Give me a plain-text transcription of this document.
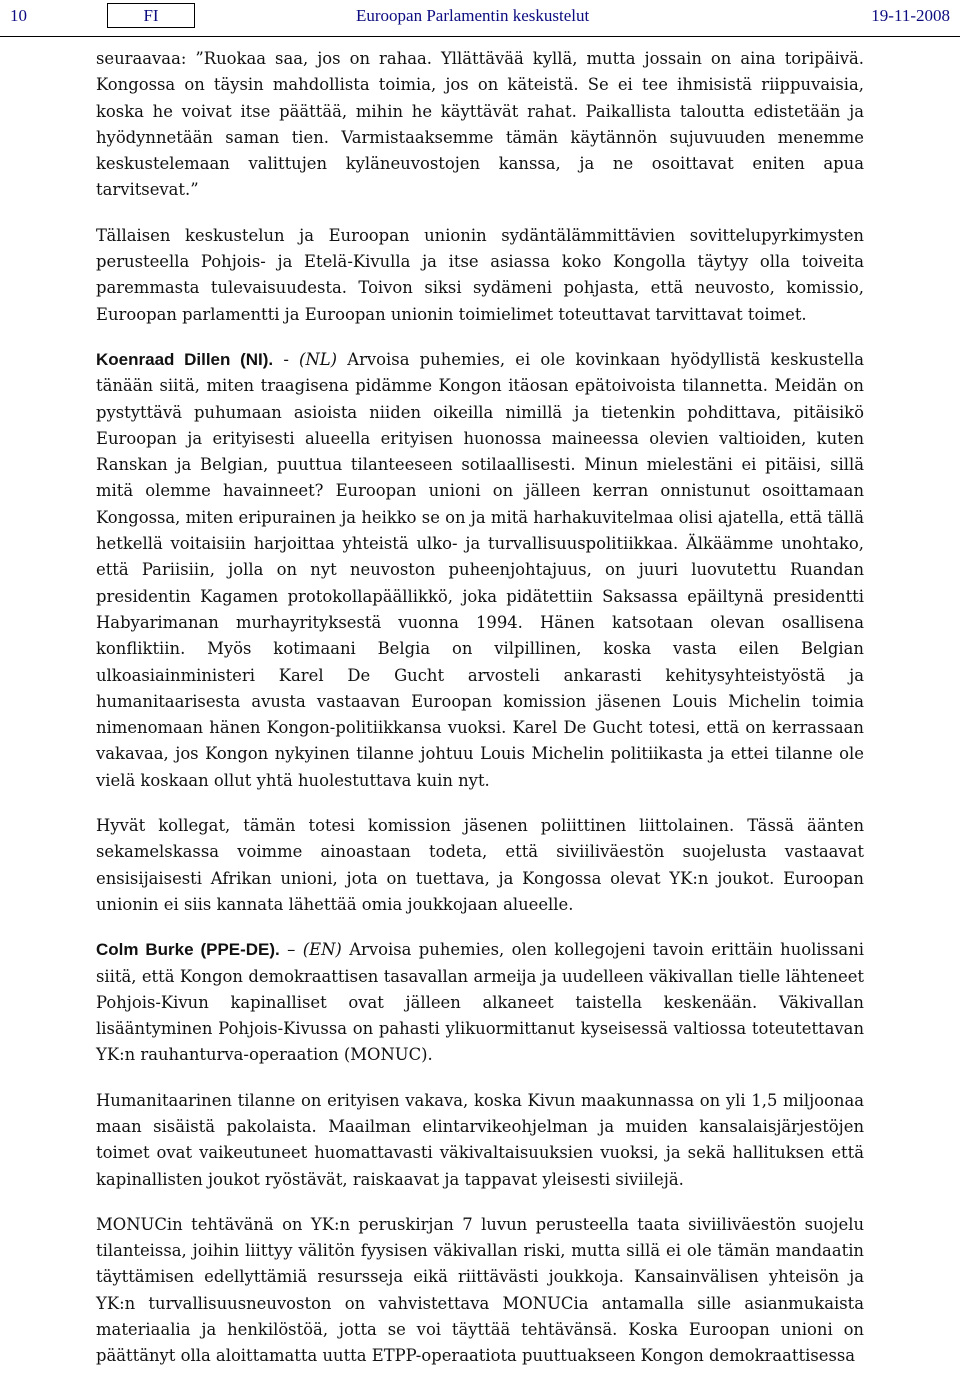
10	FI	Euroopan Parlamentin keskustelut	19-11-2008

seuraavaa: ”Ruokaa saa, jos on rahaa. Yllättävää kyllä, mutta jossain on aina toripäivä. Kongossa on täysin mahdollista toimia, jos on käteistä. Se ei tee ihmisistä riippuvaisia, koska he voivat itse päättää, mihin he käyttävät rahat. Paikallista taloutta edistetään ja hyödynnetään saman tien. Varmistaaksemme tämän käytännön sujuvuuden menemme keskustelemaan valittujen kyläneuvostojen kanssa, ja ne osoittavat eniten apua tarvitsevat.”

Tällaisen keskustelun ja Euroopan unionin sydäntälämmittävien sovittelupyrkimysten perusteella Pohjois- ja Etelä-Kivulla ja itse asiassa koko Kongolla täytyy olla toiveita paremmasta tulevaisuudesta. Toivon siksi sydämeni pohjasta, että neuvosto, komissio, Euroopan parlamentti ja Euroopan unionin toimielimet toteuttavat tarvittavat toimet.

Koenraad Dillen (NI). - (NL) Arvoisa puhemies, ei ole kovinkaan hyödyllistä keskustella tänään siitä, miten traagisena pidämme Kongon itäosan epätoivoista tilannetta. Meidän on pystyttävä puhumaan asioista niiden oikeilla nimillä ja tietenkin pohdittava, pitäisikö Euroopan ja erityisesti alueella erityisen huonossa maineessa olevien valtioiden, kuten Ranskan ja Belgian, puuttua tilanteeseen sotilaallisesti. Minun mielestäni ei pitäisi, sillä mitä olemme havainneet? Euroopan unioni on jälleen kerran onnistunut osoittamaan Kongossa, miten eripurainen ja heikko se on ja mitä harhakuvitelmaa olisi ajatella, että tällä hetkellä voitaisiin harjoittaa yhteistä ulko- ja turvallisuuspolitiikkaa. Älkäämme unohtako, että Pariisiin, jolla on nyt neuvoston puheenjohtajuus, on juuri luovutettu Ruandan presidentin Kagamen protokollapäällikkö, joka pidätettiin Saksassa epäiltynä presidentti Habyarimanan murhayrityksestä vuonna 1994. Hänen katsotaan olevan osallisena konfliktiin. Myös kotimaani Belgia on vilpillinen, koska vasta eilen Belgian ulkoasiainministeri Karel De Gucht arvosteli ankarasti kehitysyhteistyöstä ja humanitaarisesta avusta vastaavan Euroopan komission jäsenen Louis Michelin toimia nimenomaan hänen Kongon-politiikkansa vuoksi. Karel De Gucht totesi, että on kerrassaan vakavaa, jos Kongon nykyinen tilanne johtuu Louis Michelin politiikasta ja ettei tilanne ole vielä koskaan ollut yhtä huolestuttava kuin nyt.

Hyvät kollegat, tämän totesi komission jäsenen poliittinen liittolainen. Tässä äänten sekamelskassa voimme ainoastaan todeta, että siviiliväestön suojelusta vastaavat ensisijaisesti Afrikan unioni, jota on tuettava, ja Kongossa olevat YK:n joukot. Euroopan unionin ei siis kannata lähettää omia joukkojaan alueelle.

Colm Burke (PPE-DE). – (EN) Arvoisa puhemies, olen kollegojeni tavoin erittäin huolissani siitä, että Kongon demokraattisen tasavallan armeija ja uudelleen väkivallan tielle lähteneet Pohjois-Kivun kapinalliset ovat jälleen alkaneet taistella keskenään. Väkivallan lisääntyminen Pohjois-Kivussa on pahasti ylikuormittanut kyseisessä valtiossa toteutettavan YK:n rauhanturva-operaation (MONUC).

Humanitaarinen tilanne on erityisen vakava, koska Kivun maakunnassa on yli 1,5 miljoonaa maan sisäistä pakolaista. Maailman elintarvikeohjelman ja muiden kansalaisjärjestöjen toimet ovat vaikeutuneet huomattavasti väkivaltaisuuksien vuoksi, ja sekä hallituksen että kapinallisten joukot ryöstävät, raiskaavat ja tappavat yleisesti siviilejä.

MONUCin tehtävänä on YK:n peruskirjan 7 luvun perusteella taata siviiliväestön suojelu tilanteissa, joihin liittyy välitön fyysisen väkivallan riski, mutta sillä ei ole tämän mandaatin täyttämisen edellyttämiä resursseja eikä riittävästi joukkoja. Kansainvälisen yhteisön ja YK:n turvallisuusneuvoston on vahvistettava MONUCia antamalla sille asianmukaista materiaalia ja henkilöstöä, jotta se voi täyttää tehtävänsä. Koska Euroopan unioni on päättänyt olla aloittamatta uutta ETPP-operaatiota puuttuakseen Kongon demokraattisessa
